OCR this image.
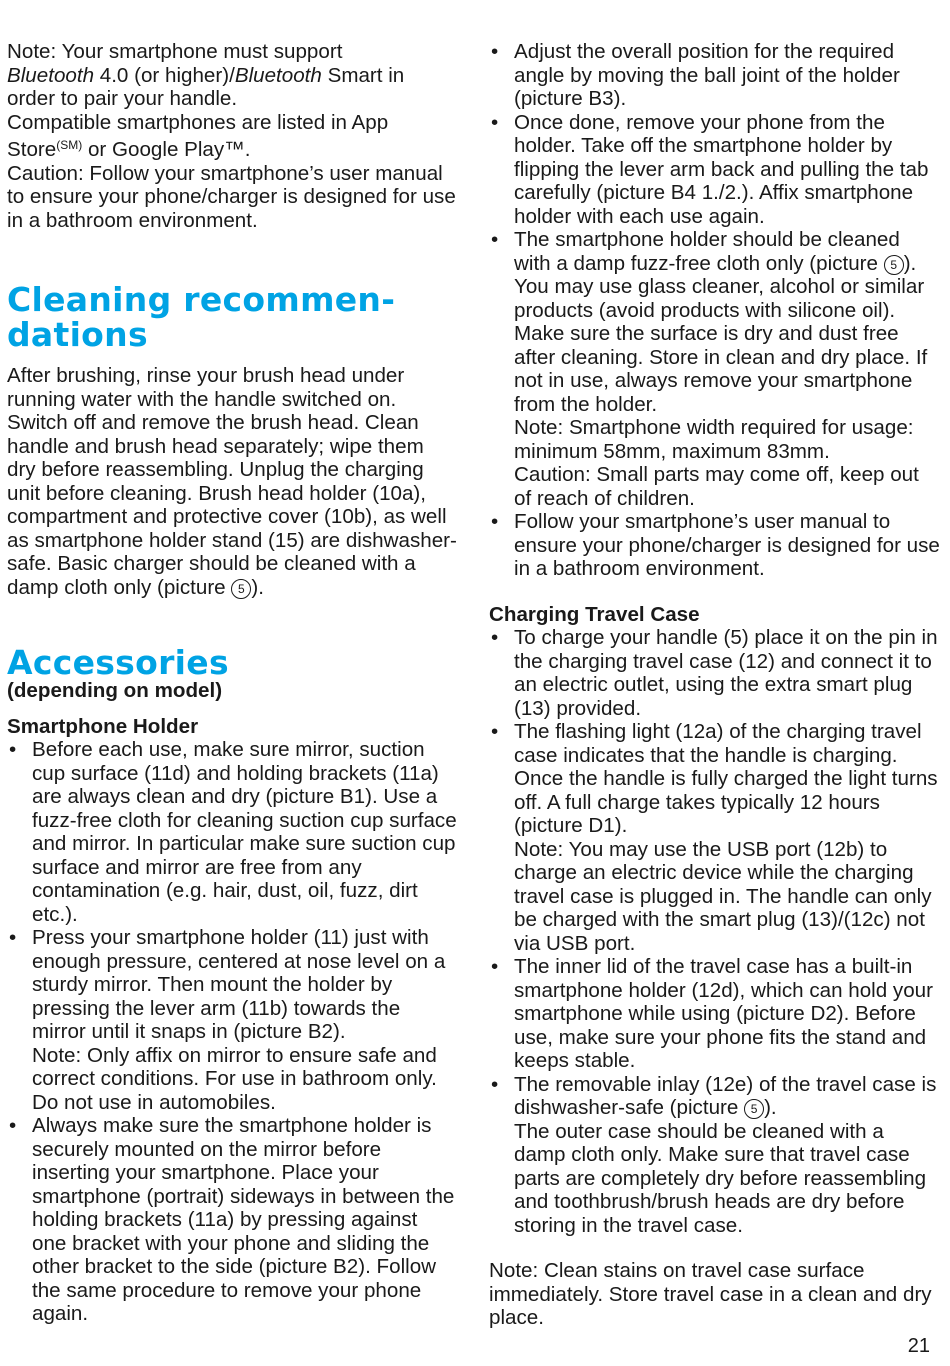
Note: Your smartphone must support
Bluetooth 4.0 (or higher)/Bluetooth Smart in order to pair your handle.
Compatible smartphones are listed in App Store$^{(SM)}$ or Google Play™.
Caution: Follow your smartphone’s user manual to ensure your phone/charger is designed for use in a bathroom environment.

Cleaning recommen-
dations

After brushing, rinse your brush head under running water with the handle switched on. Switch off and remove the brush head. Clean handle and brush head separately; wipe them dry before reassembling. Unplug the charging unit before cleaning. Brush head holder (10a), compartment and protective cover (10b), as well as smartphone holder stand (15) are dishwasher-safe. Basic charger should be cleaned with a damp cloth only (picture 5 ).

Accessories

(depending on model)

Smartphone Holder

• Before each use, make sure mirror, suction cup surface (11d) and holding brackets (11a) are always clean and dry (picture B1). Use a fuzz-free cloth for cleaning suction cup surface and mirror. In particular make sure suction cup surface and mirror are free from any contamination (e.g. hair, dust, oil, fuzz, dirt etc.).
• Press your smartphone holder (11) just with enough pressure, centered at nose level on a sturdy mirror. Then mount the holder by pressing the lever arm (11b) towards the mirror until it snaps in (picture B2).
Note: Only affix on mirror to ensure safe and correct conditions. For use in bathroom only. Do not use in automobiles.
• Always make sure the smartphone holder is securely mounted on the mirror before inserting your smartphone. Place your smartphone (portrait) sideways in between the holding brackets (11a) by pressing against one bracket with your phone and sliding the other bracket to the side (picture B2). Follow the same procedure to remove your phone again.
• Adjust the overall position for the required angle by moving the ball joint of the holder (picture B3).
• Once done, remove your phone from the holder. Take off the smartphone holder by flipping the lever arm back and pulling the tab carefully (picture B4 1./2.). Affix smartphone holder with each use again.
• The smartphone holder should be cleaned with a damp fuzz-free cloth only (picture 5 ). You may use glass cleaner, alcohol or similar products (avoid products with silicone oil). Make sure the surface is dry and dust free after cleaning. Store in clean and dry place. If not in use, always remove your smartphone from the holder.
Note: Smartphone width required for usage: minimum 58mm, maximum 83mm.
Caution: Small parts may come off, keep out of reach of children.
• Follow your smartphone’s user manual to ensure your phone/charger is designed for use in a bathroom environment.

Charging Travel Case

• To charge your handle (5) place it on the pin in the charging travel case (12) and connect it to an electric outlet, using the extra smart plug (13) provided.
• The flashing light (12a) of the charging travel case indicates that the handle is charging. Once the handle is fully charged the light turns off. A full charge takes typically 12 hours (picture D1).
Note: You may use the USB port (12b) to charge an electric device while the charging travel case is plugged in. The handle can only be charged with the smart plug (13)/(12c) not via USB port.
• The inner lid of the travel case has a built-in smartphone holder (12d), which can hold your smartphone while using (picture D2). Before use, make sure your phone fits the stand and keeps stable.
• The removable inlay (12e) of the travel case is dishwasher-safe (picture 5 ).
The outer case should be cleaned with a damp cloth only. Make sure that travel case parts are completely dry before reassembling and toothbrush/brush heads are dry before storing in the travel case.

Note: Clean stains on travel case surface immediately. Store travel case in a clean and dry place.

21
